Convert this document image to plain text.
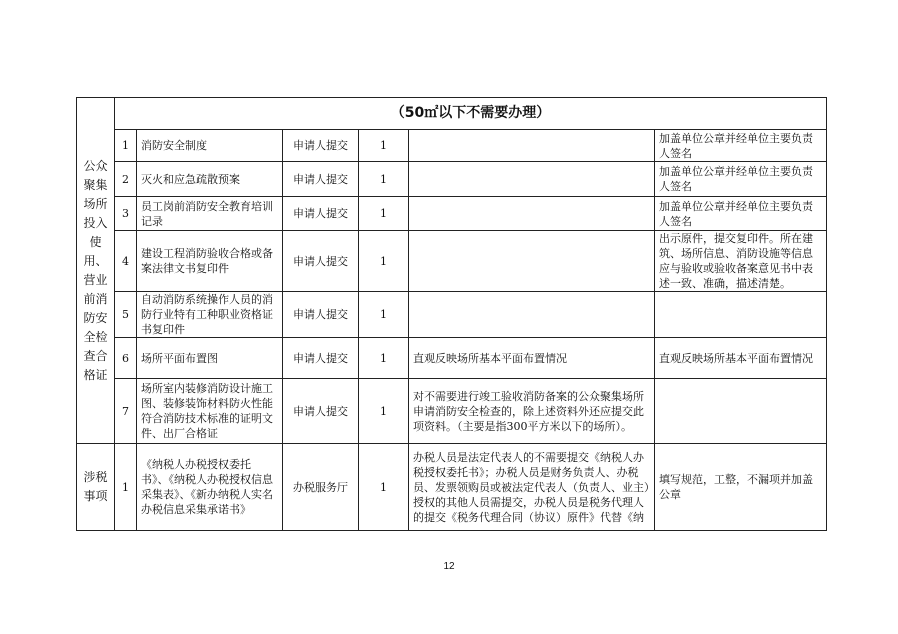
公众聚集场所投入使用、营业前消防安全检查合格证	（50㎡以下不需要办理）					
	1	消防安全制度	申请人提交	1		加盖单位公章并经单位主要负责人签名
	2	灭火和应急疏散预案	申请人提交	1		加盖单位公章并经单位主要负责人签名
	3	员工岗前消防安全教育培训记录	申请人提交	1		加盖单位公章并经单位主要负责人签名
	4	建设工程消防验收合格或备案法律文书复印件	申请人提交	1		出示原件，提交复印件。所在建筑、场所信息、消防设施等信息应与验收或验收备案意见书中表述一致、准确，描述清楚。
	5	自动消防系统操作人员的消防行业特有工种职业资格证书复印件	申请人提交	1		
	6	场所平面布置图	申请人提交	1	直观反映场所基本平面布置情况	直观反映场所基本平面布置情况
	7	场所室内装修消防设计施工图、装修装饰材料防火性能符合消防技术标准的证明文件、出厂合格证	申请人提交	1	对不需要进行竣工验收消防备案的公众聚集场所申请消防安全检查的，除上述资料外还应提交此项资料。（主要是指300平方米以下的场所）。	
涉税事项	1	《纳税人办税授权委托书》、《纳税人办税授权信息采集表》、《新办纳税人实名办税信息采集承诺书》	办税服务厅	1	办税人员是法定代表人的不需要提交《纳税人办税授权委托书》；办税人员是财务负责人、办税员、发票领购员或被法定代表人（负责人、业主）授权的其他人员需提交，办税人员是税务代理人的提交《税务代理合同（协议）原件》代替《纳	填写规范，工整，不漏项并加盖公章
12
